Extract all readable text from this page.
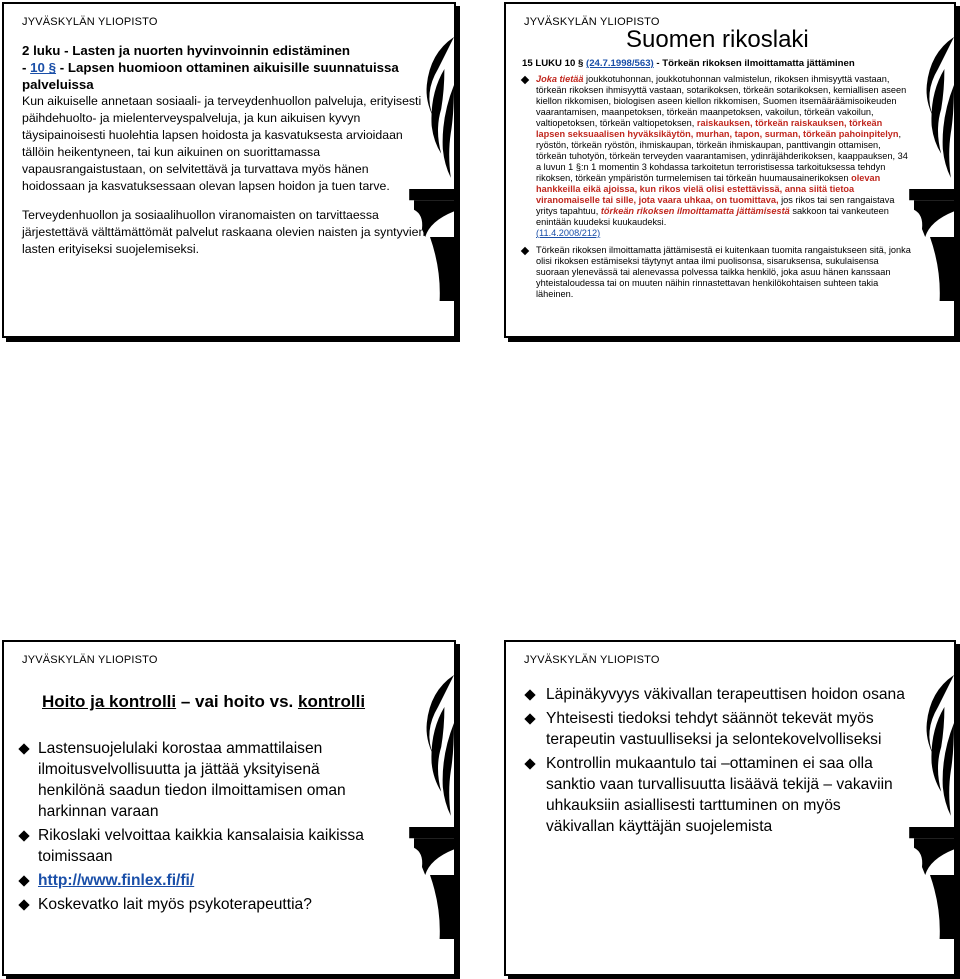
JYVÄSKYLÄN YLIOPISTO
2 luku - Lasten ja nuorten hyvinvoinnin edistäminen
- 10 § - Lapsen huomioon ottaminen aikuisille suunnatuissa palveluissa

Kun aikuiselle annetaan sosiaali- ja terveydenhuollon palveluja, erityisesti päihdehuolto- ja mielenterveyspalveluja, ja kun aikuisen kyvyn täysipainoisesti huolehtia lapsen hoidosta ja kasvatuksesta arvioidaan tällöin heikentyneen, tai kun aikuinen on suorittamassa vapausrangaistustaan, on selvitettävä ja turvattava myös hänen hoidossaan ja kasvatuksessaan olevan lapsen hoidon ja tuen tarve.

Terveydenhuollon ja sosiaalihuollon viranomaisten on tarvittaessa järjestettävä välttämättömät palvelut raskaana olevien naisten ja syntyvien lasten erityiseksi suojelemiseksi.

JYVÄSKYLÄN YLIOPISTO
Suomen rikoslaki
15 LUKU 10 § (24.7.1998/563) - Törkeän rikoksen ilmoittamatta jättäminen
Joka tietää joukkotuhonnan, joukkotuhonnan valmistelun, rikoksen ihmisyyttä vastaan, törkeän rikoksen ihmisyyttä vastaan, sotarikoksen, törkeän sotarikoksen, kemiallisen aseen kiellon rikkomisen, biologisen aseen kiellon rikkomisen, Suomen itsemääräämisoikeuden vaarantamisen, maanpetoksen, törkeän maanpetoksen, vakoilun, törkeän vakoilun, valtiopetoksen, törkeän valtiopetoksen, raiskauksen, törkeän raiskauksen, törkeän lapsen seksuaalisen hyväksikäytön, murhan, tapon, surman, törkeän pahoinpitelyn, ryöstön, törkeän ryöstön, ihmiskaupan, törkeän ihmiskaupan, panttivangin ottamisen, törkeän tuhotyön, törkeän terveyden vaarantamisen, ydinräjähderikoksen, kaappauksen, 34 a luvun 1 §:n 1 momentin 3 kohdassa tarkoitetun terroristisessa tarkoituksessa tehdyn rikoksen, törkeän ympäristön turmelemisen tai törkeän huumausainerikoksen olevan hankkeilla eikä ajoissa, kun rikos vielä olisi estettävissä, anna siitä tietoa viranomaiselle tai sille, jota vaara uhkaa, on tuomittava, jos rikos tai sen rangaistava yritys tapahtuu, törkeän rikoksen ilmoittamatta jättämisestä sakkoon tai vankeuteen enintään kuudeksi kuukaudeksi.
(11.4.2008/212)
Törkeän rikoksen ilmoittamatta jättämisestä ei kuitenkaan tuomita rangaistukseen sitä, jonka olisi rikoksen estämiseksi täytynyt antaa ilmi puolisonsa, sisaruksensa, sukulaisensa suoraan ylenevässä tai alenevassa polvessa taikka henkilö, joka asuu hänen kanssaan yhteistaloudessa tai on muuten näihin rinnastettavan henkilökohtaisen suhteen takia läheinen.
JYVÄSKYLÄN YLIOPISTO
Hoito ja kontrolli – vai hoito vs. kontrolli
Lastensuojelulaki korostaa ammattilaisen ilmoitusvelvollisuutta ja jättää yksityisenä henkilönä saadun tiedon ilmoittamisen oman harkinnan varaan
Rikoslaki velvoittaa kaikkia kansalaisia kaikissa toimissaan
http://www.finlex.fi/fi/
Koskevatko lait myös psykoterapeuttia?
JYVÄSKYLÄN YLIOPISTO
Läpinäkyvyys väkivallan terapeuttisen hoidon osana
Yhteisesti tiedoksi tehdyt säännöt tekevät myös terapeutin vastuulliseksi ja selontekovelvolliseksi
Kontrollin mukaantulo tai –ottaminen ei saa olla sanktio vaan turvallisuutta lisäävä tekijä – vakaviin uhkauksiin asiallisesti tarttuminen on myös väkivallan käyttäjän suojelemista
